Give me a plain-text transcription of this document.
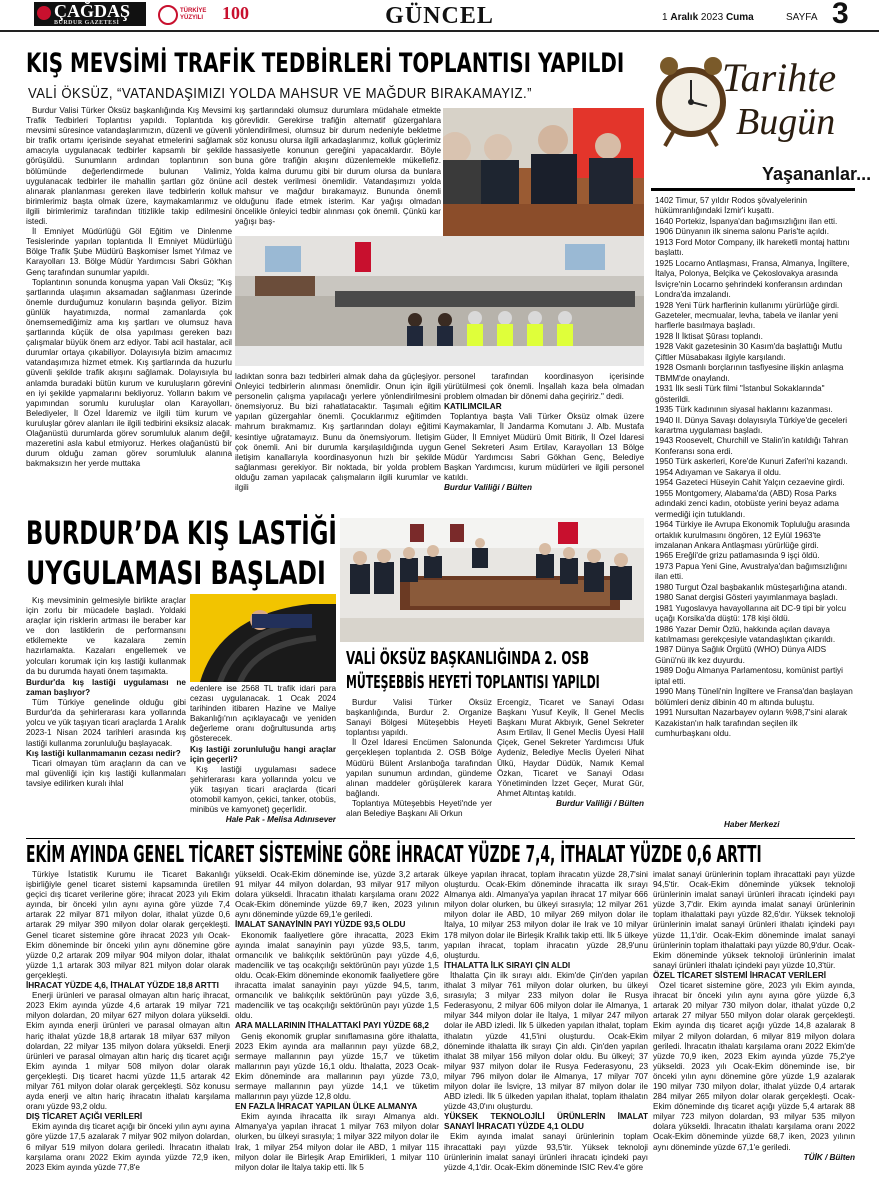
ÇAĞDAŞ
BURDUR GAZETESİ
TÜRKİYE YÜZYILI	100	GÜNCEL	1 Aralık 2023 Cuma	SAYFA 3
KIŞ MEVSİMİ TRAFİK TEDBİRLERİ TOPLANTISI YAPILDI
VALİ ÖKSÜZ, “VATANDAŞIMIZI YOLDA MAHSUR VE MAĞDUR BIRAKAMAYIZ.”

Burdur Valisi Türker Öksüz başkanlığında Kış Mevsimi Trafik Tedbirleri Toplantısı yapıldı. Toplantıda kış mevsimi süresince vatandaşlarımızın, düzenli ve güvenli bir trafik ortamı içerisinde seyahat etmelerini sağlamak amacıyla uygulanacak tedbirler kapsamlı bir şekilde görüşüldü. Sunumların ardından toplantının son bölümünde değerlendirmede bulunan Valimiz, uygulanacak tedbirler ile mahallin şartları göz önüne alınarak planlanması gereken ilave tedbirlerin kolluk birimlerimiz başta olmak üzere, kaymakamlarımız ve ilgili birimlerimiz tarafından titizlikle takip edilmesini istedi.

İl Emniyet Müdürlüğü Göl Eğitim ve Dinlenme Tesislerinde yapılan toplantıda İl Emniyet Müdürlüğü Bölge Trafik Şube Müdürü Başkomiser İsmet Yılmaz ve Karayolları 13. Bölge Müdür Yardımcısı Sabri Gökhan Genç tarafından sunumlar yapıldı.

Toplantının sonunda konuşma yapan Vali Öksüz; "Kış şartlarında ulaşımın aksamadan sağlanması üzerinde önemle durduğumuz konuların başında geliyor. Bizim günlük hayatımızda, normal zamanlarda çok önemsemediğimiz ama kış şartları ve olumsuz hava şartlarında küçük de olsa yapılması gereken bazı çalışmalar büyük önem arz ediyor. Tabi acil hastalar, acil durumlar ortaya çıkabiliyor. Dolayısıyla bizim amacımız vatandaşımıza hizmet etmek. Kış şartlarında da huzurlu güvenli şekilde trafik akışını sağlamak. Dolayısıyla bu anlamda buradaki bütün kurum ve kuruluşların görevini en iyi şekilde yapmalarını bekliyoruz. Yolların bakım ve yapımından sorumlu kuruluşlar olan Karayolları, Belediyeler, İl Özel İdaremiz ve ilgili tüm kurum ve kuruluşlar görev alanları ile ilgili tedbirini eksiksiz alacak. Olağanüstü durumlarda görev sorumluluk alanım değil, mazeretini asla kabul etmiyoruz. Herkes olağanüstü bir durum olduğu zaman görev sorumluluk alanına bakmaksızın her yerde muttaka

kış şartlarındaki olumsuz durumlara müdahale etmekte görevlidir. Gerekirse trafiğin alternatif güzergahlara yönlendirilmesi, olumsuz bir durum nedeniyle bekletme söz konusu olursa ilgili arkadaşlarımız, kolluk güçlerimiz hassasiyetle konunun gereğini yapacaklardır. Böyle buna göre trafiğin akışını düzenlemekle mükellefiz. Yolda kalma durumu gibi bir durum olursa da bunlara acil destek verilmesi önemlidir. Vatandaşımızı yolda mahsur ve mağdur bırakamayız. Bununda önemli olduğunu ifade etmek isterim. Kar yağışı olmadan öncelikle önleyici tedbir alınması çok önemli. Çünkü kar yağışı baş-

ladıktan sonra bazı tedbirleri almak daha da güçleşiyor. Önleyici tedbirlerin alınması önemlidir. Onun için ilgili personelin çalışma yapılacağı yerlere yönlendirilmesini önemsiyoruz. Bu bizi rahatlatacaktır. Taşımalı eğitim yapılan güzergahlar önemli. Çocuklarımız eğitimden mahrum bırakmamız. Kış şartlarından dolayı eğitimi kesintiye uğratamayız. Bunu da önemsiyorum. İletişim çok önemli. Ani bir durumla karşılaşıldığında uygun iletişim kanallarıyla koordinasyonun hızlı bir şekilde sağlanması gerekiyor. Bir noktada, bir yolda problem olduğu zaman yapılacak çalışmaların ilgili kurumlar ve ilgili

personel tarafından koordinasyon içerisinde yürütülmesi çok önemli. İnşallah kaza bela olmadan problem olmadan bir dönemi daha geçiririz." dedi.

KATILIMCILAR

Toplantıya başta Vali Türker Öksüz olmak üzere Kaymakamlar, İl Jandarma Komutanı J. Alb. Mustafa Güder, İl Emniyet Müdürü Ümit Bitirik, İl Özel İdaresi Genel Sekreteri Asım Ertilav, Karayolları 13 Bölge Müdür Yardımcısı Sabri Gökhan Genç, Belediye Başkan Yardımcısı, kurum müdürleri ve ilgili personel katıldı.

Burdur Valiliği / Bülten

BURDUR’DA KIŞ LASTİĞİ
UYGULAMASI BAŞLADI

Kış mevsiminin gelmesiyle birlikte araçlar için zorlu bir mücadele başladı. Yoldaki araçlar için risklerin artması ile beraber kar ve don lastiklerin de performansını etkilemekte ve kazalara zemin hazırlamakta. Kazaları engellemek ve yolcuları korumak için kış lastiği kullanmak da bu durumda hayati önem taşımakta.

Burdur'da kış lastiği uygulaması ne zaman başlıyor?

Tüm Türkiye genelinde olduğu gibi Burdur'da da şehirlerarası kara yollarında yolcu ve yük taşıyan ticari araçlarda 1 Aralık 2023-1 Nisan 2024 tarihleri arasında kış lastiği kullanma zorunluluğu başlayacak.

Kış lastiği kullanmamanın cezası nedir?

Ticari olmayan tüm araçların da can ve mal güvenliği için kış lastiği kullanmaları tavsiye edilirken kuralı ihlal

edenlere ise 2568 TL trafik idari para cezası uygulanacak. 1 Ocak 2024 tarihinden itibaren Hazine ve Maliye Bakanlığı'nın açıklayacağı ve yeniden değerleme oranı doğrultusunda artış gösterecek.

Kış lastiği zorunluluğu hangi araçlar için geçerli?

Kış lastiği uygulaması sadece şehirlerarası kara yollarında yolcu ve yük taşıyan ticari araçlarda (ticari otomobil kamyon, çekici, tanker, otobüs, minibüs ve kamyonet) geçerlidir.

Hale Pak - Melisa Adınısever

VALİ ÖKSÜZ BAŞKANLIĞINDA 2. OSB
MÜTEŞEBBİS HEYETİ TOPLANTISI YAPILDI

Burdur Valisi Türker Öksüz başkanlığında, Burdur 2. Organize Sanayi Bölgesi Müteşebbis Heyeti toplantısı yapıldı.

İl Özel İdaresi Encümen Salonunda gerçekleşen toplantıda 2. OSB Bölge Müdürü Bülent Arslanboğa tarafından yapılan sunumun ardından, gündeme alınan maddeler görüşülerek karara bağlandı.

Toplantıya Müteşebbis Heyeti'nde yer alan Belediye Başkanı Ali Orkun

Ercengiz, Ticaret ve Sanayi Odası Başkanı Yusuf Keyik, İl Genel Meclis Başkanı Murat Akbıyık, Genel Sekreter Asım Ertilav, İl Genel Meclis Üyesi Halil Çiçek, Genel Sekreter Yardımcısı Ufuk Aydeniz, Belediye Meclis Üyeleri Nihat Ülkü, Haydar Düdük, Namık Kemal Özkan, Ticaret ve Sanayi Odası Yönetiminden İzzet Geçer, Murat Gür, Ahmet Altıntaş katıldı.

Burdur Valiliği / Bülten

Tarihte
Bugün
Yaşananlar...

1402 Timur, 57 yıldır Rodos şövalyelerinin hükümranlığındaki İzmir'i kuşattı.

1640 Portekiz, İspanya'dan bağımsızlığını ilan etti.

1906 Dünyanın ilk sinema salonu Paris'te açıldı.

1913 Ford Motor Company, ilk hareketli montaj hattını başlattı.

1925 Locarno Antlaşması, Fransa, Almanya, İngiltere, İtalya, Polonya, Belçika ve Çekoslovakya arasında İsviçre'nin Locarno şehrindeki konferansın ardından Londra'da imzalandı.

1928 Yeni Türk harflerinin kullanımı yürürlüğe girdi. Gazeteler, mecmualar, levha, tabela ve ilanlar yeni harflerle basılmaya başladı.

1928 İl İktisat Şûrası toplandı.

1928 Vakit gazetesinin 30 Kasım'da başlattığı Mutlu Çiftler Müsabakası ilgiyle karşılandı.

1928 Osmanlı borçlarının tasfiyesine ilişkin anlaşma TBMM'de onaylandı.

1931 İlk sesli Türk filmi "İstanbul Sokaklarında" gösterildi.

1935 Türk kadınının siyasal haklarını kazanması.

1940 II. Dünya Savaşı dolayısıyla Türkiye'de geceleri karartma uygulaması başladı.

1943 Roosevelt, Churchill ve Stalin'in katıldığı Tahran Konferansı sona erdi.

1950 Türk askerleri, Kore'de Kunuri Zaferi'ni kazandı.

1954 Adıyaman ve Sakarya il oldu.

1954 Gazeteci Hüseyin Cahit Yalçın cezaevine girdi.

1955 Montgomery, Alabama'da (ABD) Rosa Parks adındaki zenci kadın, otobüste yerini beyaz adama vermediği için tutuklandı.

1964 Türkiye ile Avrupa Ekonomik Topluluğu arasında ortaklık kurulmasını öngören, 12 Eylül 1963'te imzalanan Ankara Antlaşması yürürlüğe girdi.

1965 Ereğli'de grizu patlamasında 9 işçi öldü.

1973 Papua Yeni Gine, Avustralya'dan bağımsızlığını ilan etti.

1980 Turgut Özal başbakanlık müsteşarlığına atandı.

1980 Sanat dergisi Gösteri yayımlanmaya başladı.

1981 Yugoslavya havayollarına ait DC-9 tipi bir yolcu uçağı Korsika'da düştü: 178 kişi öldü.

1986 Yazar Demir Özlü, hakkında açılan davaya katılmaması gerekçesiyle vatandaşlıktan çıkarıldı.

1987 Dünya Sağlık Örgütü (WHO) Dünya AIDS Günü'nü ilk kez duyurdu.

1989 Doğu Almanya Parlamentosu, komünist partiyi iptal etti.

1990 Manş Tüneli'nin İngiltere ve Fransa'dan başlayan bölümleri deniz dibinin 40 m altında buluştu.

1991 Nursultan Nazarbayev oyların %98,7'sini alarak Kazakistan'ın halk tarafından seçilen ilk cumhurbaşkanı oldu.

Haber Merkezi
EKİM AYINDA GENEL TİCARET SİSTEMİNE GÖRE İHRACAT YÜZDE 7,4, İTHALAT YÜZDE 0,6 ARTTI

Türkiye İstatistik Kurumu ile Ticaret Bakanlığı işbirliğiyle genel ticaret sistemi kapsamında üretilen geçici dış ticaret verilerine göre; ihracat 2023 yılı Ekim ayında, bir önceki yılın aynı ayına göre yüzde 7,4 artarak 22 milyar 871 milyon dolar, ithalat yüzde 0,6 artarak 29 milyar 390 milyon dolar olarak gerçekleşti. Genel ticaret sistemine göre ihracat 2023 yılı Ocak-Ekim döneminde bir önceki yılın aynı dönemine göre yüzde 0,2 artarak 209 milyar 904 milyon dolar, ithalat yüzde 1,1 artarak 303 milyar 821 milyon dolar olarak gerçekleşti.

İHRACAT YÜZDE 4,6, İTHALAT YÜZDE 18,8 ARTTI

Enerji ürünleri ve parasal olmayan altın hariç ihracat, 2023 Ekim ayında yüzde 4,6 artarak 19 milyar 721 milyon dolardan, 20 milyar 627 milyon dolara yükseldi. Ekim ayında enerji ürünleri ve parasal olmayan altın hariç ithalat yüzde 18,8 artarak 18 milyar 637 milyon dolardan, 22 milyar 135 milyon dolara yükseldi. Enerji ürünleri ve parasal olmayan altın hariç dış ticaret açığı Ekim ayında 1 milyar 508 milyon dolar olarak gerçekleşti. Dış ticaret hacmi yüzde 11,5 artarak 42 milyar 761 milyon dolar olarak gerçekleşti. Söz konusu ayda enerji ve altın hariç ihracatın ithalatı karşılama oranı yüzde 93,2 oldu.

DIŞ TİCARET AÇIĞI VERİLERİ

Ekim ayında dış ticaret açığı bir önceki yılın aynı ayına göre yüzde 17,5 azalarak 7 milyar 902 milyon dolardan, 6 milyar 519 milyon dolara geriledi. İhracatın ithalatı karşılama oranı 2022 Ekim ayında yüzde 72,9 iken, 2023 Ekim ayında yüzde 77,8'e

yükseldi. Ocak-Ekim döneminde ise, yüzde 3,2 artarak 91 milyar 44 milyon dolardan, 93 milyar 917 milyon dolara yükseldi. İhracatın ithalatı karşılama oranı 2022 Ocak-Ekim döneminde yüzde 69,7 iken, 2023 yılının aynı döneminde yüzde 69,1'e geriledi.

İMALAT SANAYİNİN PAYI YÜZDE 93,5 OLDU

Ekonomik faaliyetlere göre ihracatta, 2023 Ekim ayında imalat sanayinin payı yüzde 93,5, tarım, ormancılık ve balıkçılık sektörünün payı yüzde 4,6, madencilik ve taş ocakçılığı sektörünün payı yüzde 1,5 oldu. Ocak-Ekim döneminde ekonomik faaliyetlere göre ihracatta imalat sanayinin payı yüzde 94,5, tarım, ormancılık ve balıkçılık sektörünün payı yüzde 3,6, madencilik ve taş ocakçılığı sektörünün payı yüzde 1,5 oldu.

ARA MALLARININ İTHALATTAKİ PAYI YÜZDE 68,2

Geniş ekonomik gruplar sınıflamasına göre ithalatta, 2023 Ekim ayında ara mallarının payı yüzde 68,2, sermaye mallarının payı yüzde 15,7 ve tüketim mallarının payı yüzde 16,1 oldu. İthalatta, 2023 Ocak-Ekim döneminde ara mallarının payı yüzde 73,0, sermaye mallarının payı yüzde 14,1 ve tüketim mallarının payı yüzde 12,8 oldu.

EN FAZLA İHRACAT YAPILAN ÜLKE ALMANYA

Ekim ayında ihracatta ilk sırayı Almanya aldı. Almanya'ya yapılan ihracat 1 milyar 763 milyon dolar olurken, bu ülkeyi sırasıyla; 1 milyar 322 milyon dolar ile Irak, 1 milyar 254 milyon dolar ile ABD, 1 milyar 115 milyon dolar ile Birleşik Arap Emirlikleri, 1 milyar 110 milyon dolar ile İtalya takip etti. İlk 5

ülkeye yapılan ihracat, toplam ihracatın yüzde 28,7'sini oluşturdu. Ocak-Ekim döneminde ihracatta ilk sırayı Almanya aldı. Almanya'ya yapılan ihracat 17 milyar 666 milyon dolar olurken, bu ülkeyi sırasıyla; 12 milyar 261 milyon dolar ile ABD, 10 milyar 269 milyon dolar ile İtalya, 10 milyar 253 milyon dolar ile Irak ve 10 milyar 178 milyon dolar ile Birleşik Krallık takip etti. İlk 5 ülkeye yapılan ihracat, toplam ihracatın yüzde 28,9'unu oluşturdu.

İTHALATTA İLK SIRAYI ÇİN ALDI

İthalatta Çin ilk sırayı aldı. Ekim'de Çin'den yapılan ithalat 3 milyar 761 milyon dolar olurken, bu ülkeyi sırasıyla; 3 milyar 233 milyon dolar ile Rusya Federasyonu, 2 milyar 606 milyon dolar ile Almanya, 1 milyar 344 milyon dolar ile İtalya, 1 milyar 247 milyon dolar ile ABD izledi. İlk 5 ülkeden yapılan ithalat, toplam ithalatın yüzde 41,5'ini oluşturdu. Ocak-Ekim döneminde ithalatta ilk sırayı Çin aldı. Çin'den yapılan ithalat 38 milyar 156 milyon dolar oldu. Bu ülkeyi; 37 milyar 937 milyon dolar ile Rusya Federasyonu, 23 milyar 796 milyon dolar ile Almanya, 17 milyar 707 milyon dolar ile İsviçre, 13 milyar 87 milyon dolar ile ABD izledi. İlk 5 ülkeden yapılan ithalat, toplam ithalatın yüzde 43,0'ını oluşturdu.

YÜKSEK TEKNOLOJİLİ ÜRÜNLERİN İMALAT SANAYİ İHRACATI YÜZDE 4,1 OLDU

Ekim ayında imalat sanayi ürünlerinin toplam ihracattaki payı yüzde 93,5'tir. Yüksek teknoloji ürünlerinin imalat sanayi ürünleri ihracatı içindeki payı yüzde 4,1'dir. Ocak-Ekim döneminde ISIC Rev.4'e göre

imalat sanayi ürünlerinin toplam ihracattaki payı yüzde 94,5'tir. Ocak-Ekim döneminde yüksek teknoloji ürünlerinin imalat sanayi ürünleri ihracatı içindeki payı yüzde 3,7'dir. Ekim ayında imalat sanayi ürünlerinin toplam ithalattaki payı yüzde 82,6'dır. Yüksek teknoloji ürünlerinin imalat sanayi ürünleri ithalatı içindeki payı yüzde 11,1'dir. Ocak-Ekim döneminde imalat sanayi ürünlerinin toplam ithalattaki payı yüzde 80,9'dur. Ocak-Ekim döneminde yüksek teknoloji ürünlerinin imalat sanayi ürünleri ithalatı içindeki payı yüzde 10,3'tür.

ÖZEL TİCARET SİSTEMİ İHRACAT VERİLERİ

Özel ticaret sistemine göre, 2023 yılı Ekim ayında, ihracat bir önceki yılın aynı ayına göre yüzde 6,3 artarak 20 milyar 730 milyon dolar, ithalat yüzde 0,2 artarak 27 milyar 550 milyon dolar olarak gerçekleşti. Ekim ayında dış ticaret açığı yüzde 14,8 azalarak 8 milyar 2 milyon dolardan, 6 milyar 819 milyon dolara geriledi. İhracatın ithalatı karşılama oranı 2022 Ekim'de yüzde 70,9 iken, 2023 Ekim ayında yüzde 75,2'ye yükseldi. 2023 yılı Ocak-Ekim döneminde ise, bir önceki yılın aynı dönemine göre yüzde 1,9 azalarak 190 milyar 730 milyon dolar, ithalat yüzde 0,4 artarak 284 milyar 265 milyon dolar olarak gerçekleşti. Ocak-Ekim döneminde dış ticaret açığı yüzde 5,4 artarak 88 milyar 723 milyon dolardan, 93 milyar 535 milyon dolara yükseldi. İhracatın ithalatı karşılama oranı 2022 Ocak-Ekim döneminde yüzde 68,7 iken, 2023 yılının aynı döneminde yüzde 67,1'e geriledi.

TÜİK / Bülten
